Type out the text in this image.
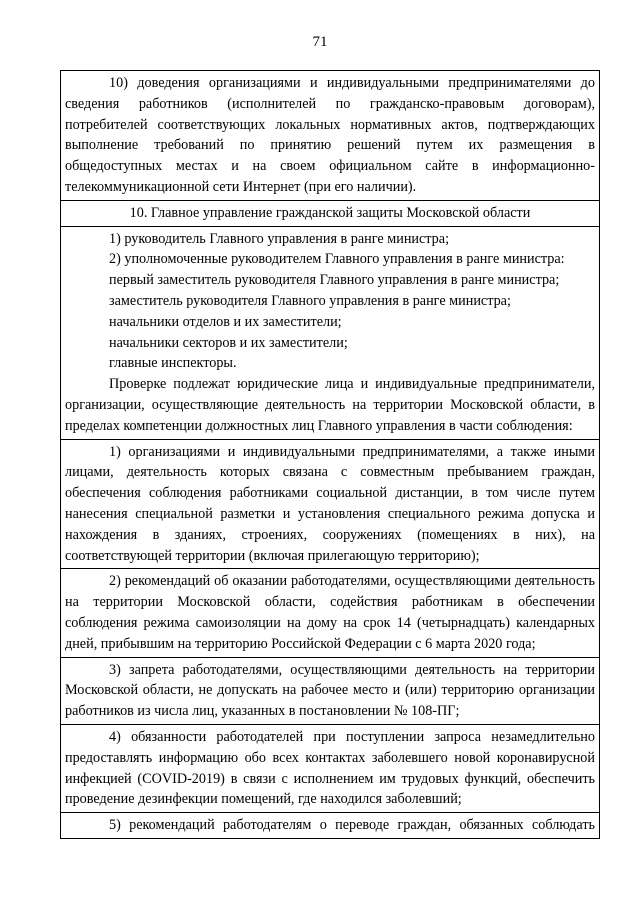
71

10) доведения организациями и индивидуальными предпринимателями до сведения работников (исполнителей по гражданско-правовым договорам), потребителей соответствующих локальных нормативных актов, подтверждающих выполнение требований по принятию решений путем их размещения в общедоступных местах и на своем официальном сайте в информационно-телекоммуникационной сети Интернет (при его наличии).

10. Главное управление гражданской защиты Московской области

1) руководитель Главного управления в ранге министра;

2) уполномоченные руководителем Главного управления в ранге министра:

первый заместитель руководителя Главного управления в ранге министра;

заместитель руководителя Главного управления в ранге министра;

начальники отделов и их заместители;

начальники секторов и их заместители;

главные инспекторы.

Проверке подлежат юридические лица и индивидуальные предприниматели, организации, осуществляющие деятельность на территории Московской области, в пределах компетенции должностных лиц Главного управления в части соблюдения:

1) организациями и индивидуальными предпринимателями, а также иными лицами, деятельность которых связана с совместным пребыванием граждан, обеспечения соблюдения работниками социальной дистанции, в том числе путем нанесения специальной разметки и установления специального режима допуска и нахождения в зданиях, строениях, сооружениях (помещениях в них), на соответствующей территории (включая прилегающую территорию);

2) рекомендаций об оказании работодателями, осуществляющими деятельность на территории Московской области, содействия работникам в обеспечении соблюдения режима самоизоляции на дому на срок 14 (четырнадцать) календарных дней, прибывшим на территорию Российской Федерации с 6 марта 2020 года;

3) запрета работодателями, осуществляющими деятельность на территории Московской области, не допускать на рабочее место и (или) территорию организации работников из числа лиц, указанных в постановлении № 108-ПГ;

4) обязанности работодателей при поступлении запроса незамедлительно предоставлять информацию обо всех контактах заболевшего новой коронавирусной инфекцией (COVID-2019) в связи с исполнением им трудовых функций, обеспечить проведение дезинфекции помещений, где находился заболевший;

5) рекомендаций работодателям о переводе граждан, обязанных соблюдать
